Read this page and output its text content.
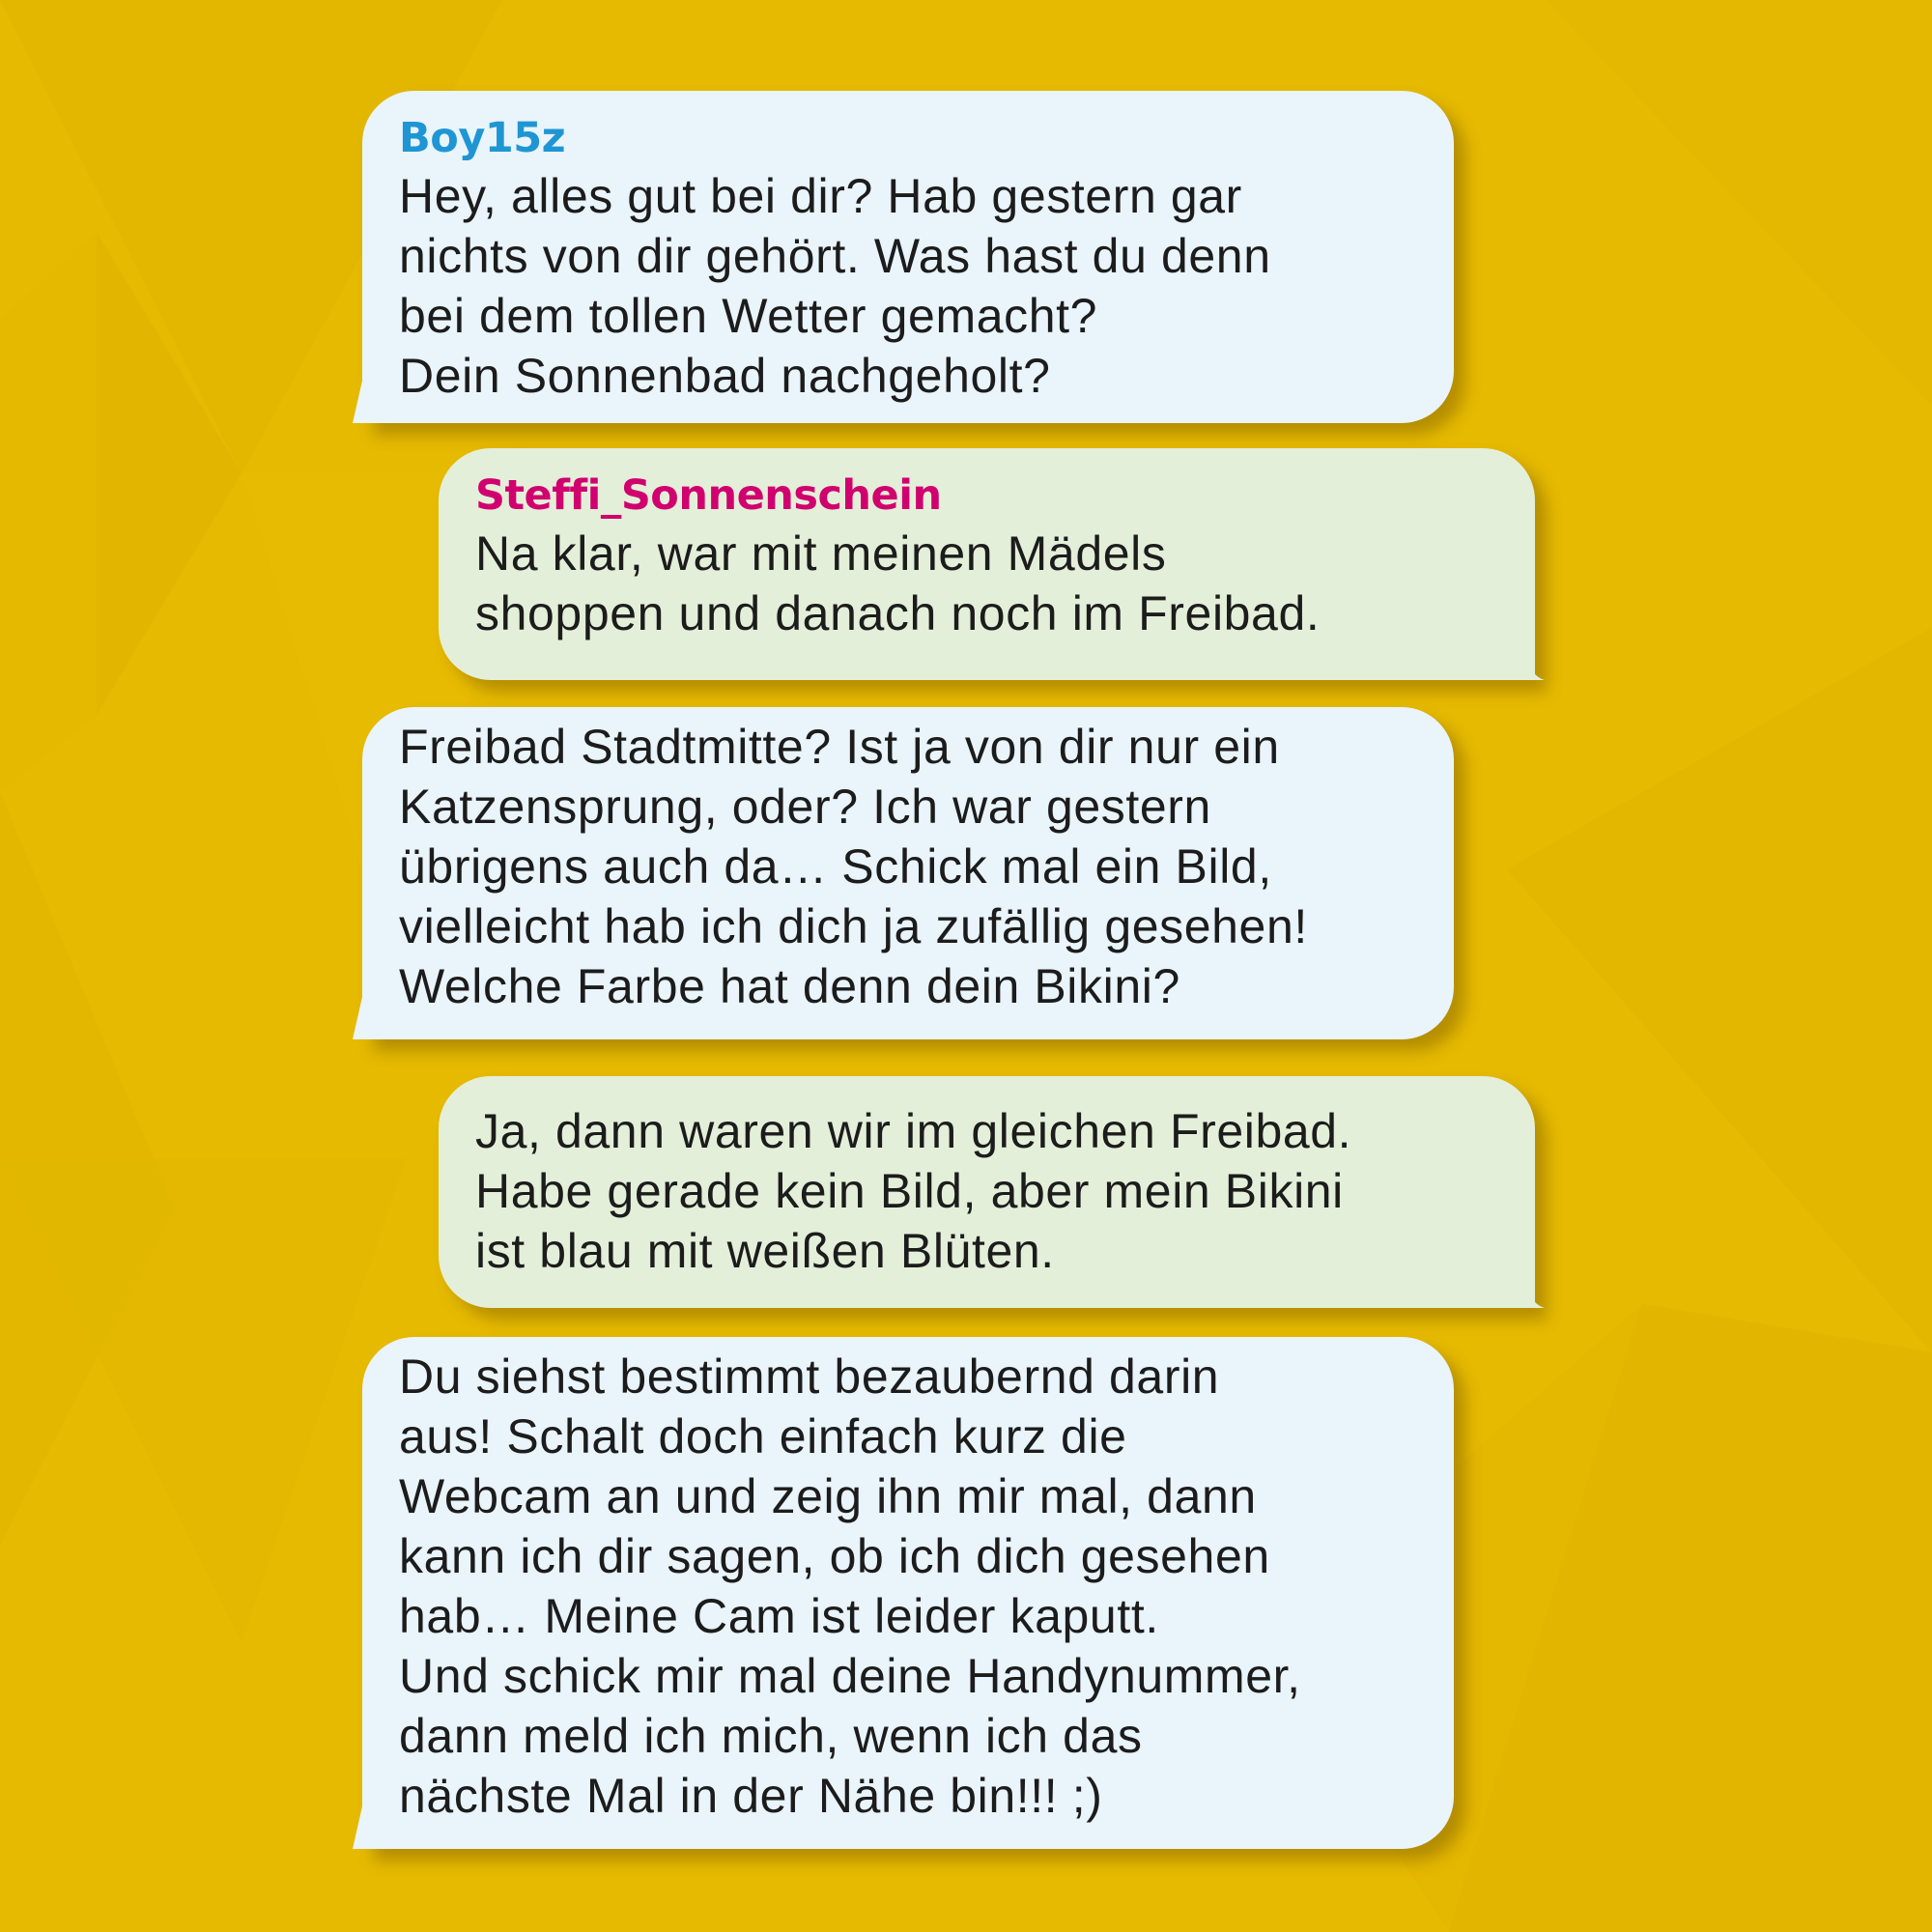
Boy15z
Hey, alles gut bei dir? Hab gestern gar
nichts von dir gehört. Was hast du denn
bei dem tollen Wetter gemacht?
Dein Sonnenbad nachgeholt?
Steffi_Sonnenschein
Na klar, war mit meinen Mädels
shoppen und danach noch im Freibad.
Freibad Stadtmitte? Ist ja von dir nur ein
Katzensprung, oder? Ich war gestern
übrigens auch da… Schick mal ein Bild,
vielleicht hab ich dich ja zufällig gesehen!
Welche Farbe hat denn dein Bikini?
Ja, dann waren wir im gleichen Freibad.
Habe gerade kein Bild, aber mein Bikini
ist blau mit weißen Blüten.
Du siehst bestimmt bezaubernd darin
aus! Schalt doch einfach kurz die
Webcam an und zeig ihn mir mal, dann
kann ich dir sagen, ob ich dich gesehen
hab… Meine Cam ist leider kaputt.
Und schick mir mal deine Handynummer,
dann meld ich mich, wenn ich das
nächste Mal in der Nähe bin!!! ;)
